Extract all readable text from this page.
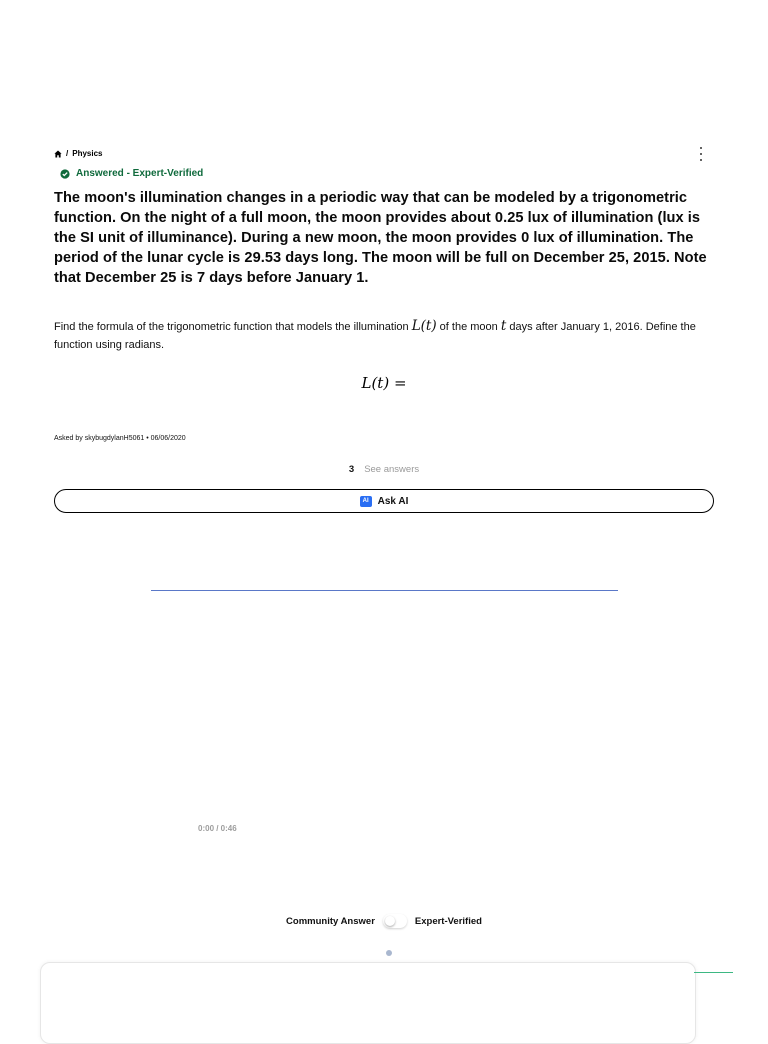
/ Physics
Answered - Expert-Verified
The moon's illumination changes in a periodic way that can be modeled by a trigonometric function. On the night of a full moon, the moon provides about 0.25 lux of illumination (lux is the SI unit of illuminance). During a new moon, the moon provides 0 lux of illumination. The period of the lunar cycle is 29.53 days long. The moon will be full on December 25, 2015. Note that December 25 is 7 days before January 1.

Find the formula of the trigonometric function that models the illumination L(t) of the moon t days after January 1, 2016. Define the function using radians.

L(t) =
Asked by skybugdylanH5061 • 06/06/2020
3 See answers
AI Ask AI
0:00 / 0:46
Community Answer	Expert-Verified
